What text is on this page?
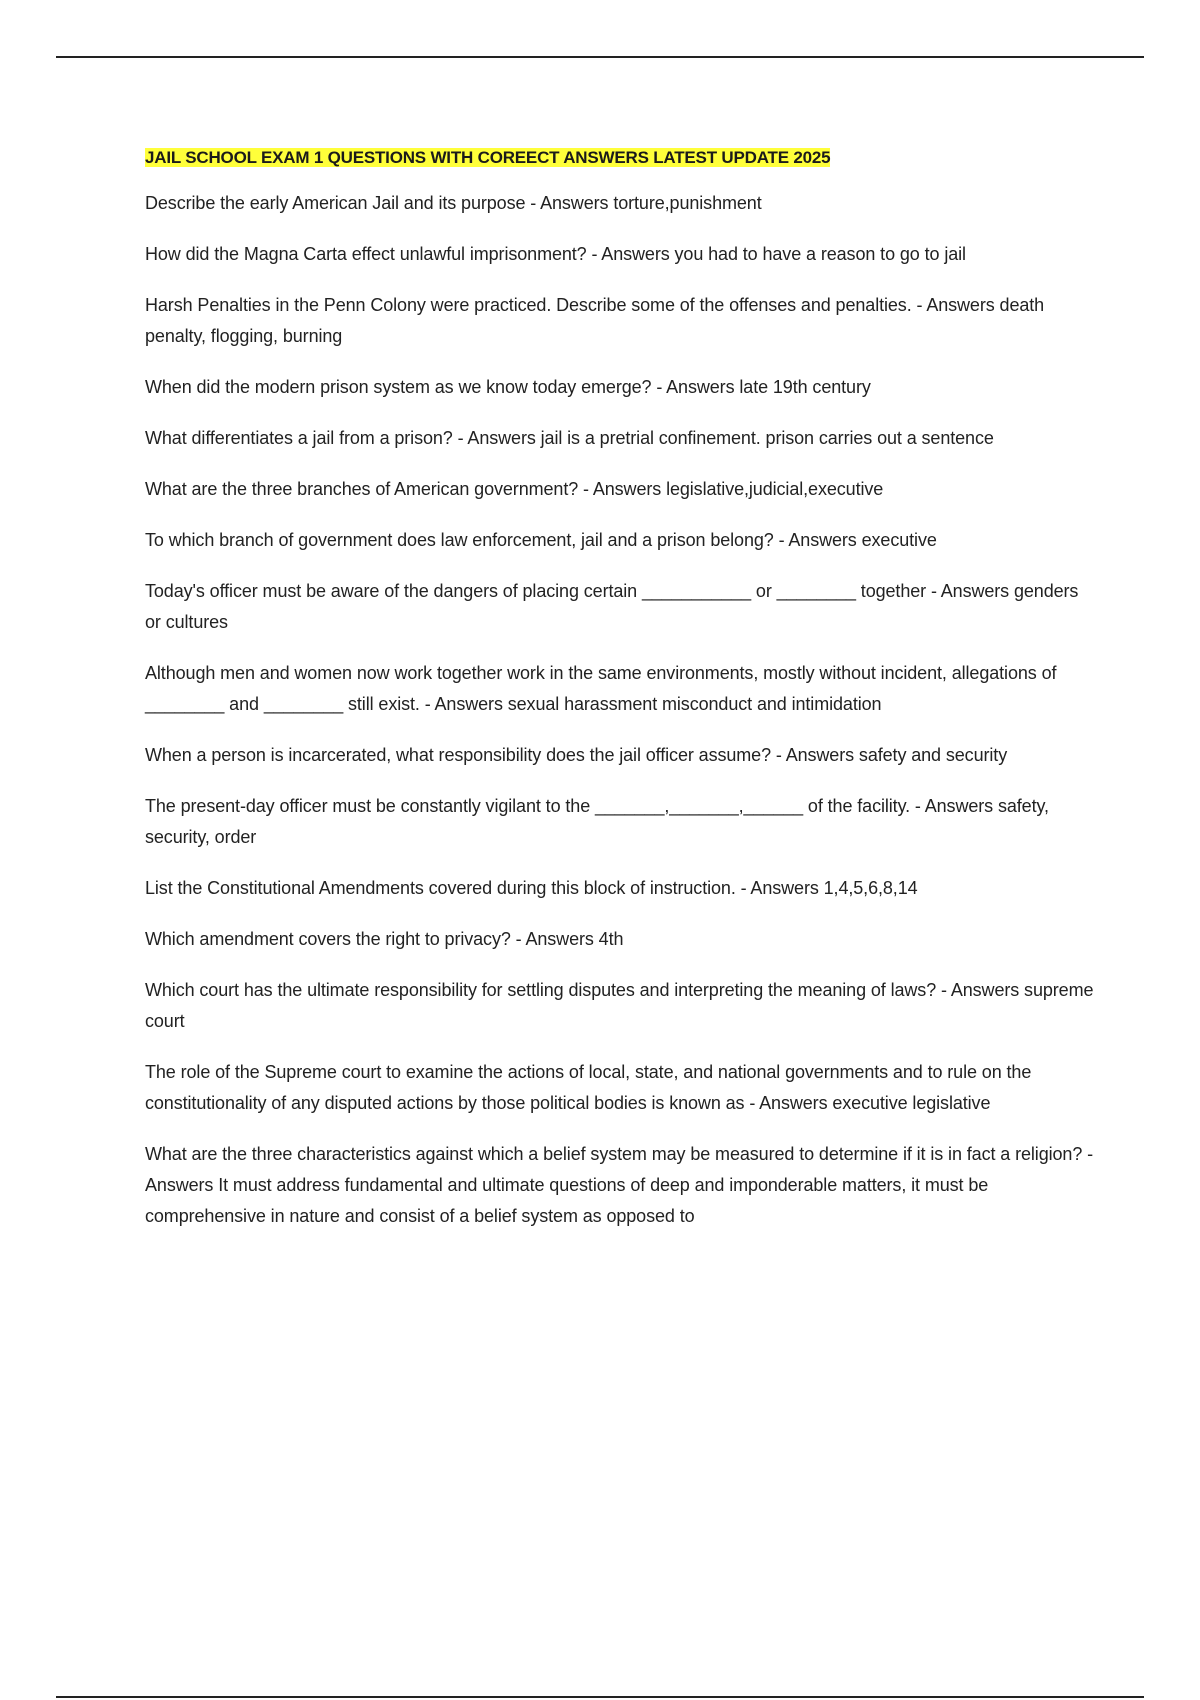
JAIL SCHOOL EXAM 1 QUESTIONS WITH COREECT ANSWERS LATEST UPDATE 2025

Describe the early American Jail and its purpose - Answers torture,punishment

How did the Magna Carta effect unlawful imprisonment? - Answers you had to have a reason to go to jail

Harsh Penalties in the Penn Colony were practiced. Describe some of the offenses and penalties. - Answers death penalty, flogging, burning

When did the modern prison system as we know today emerge? - Answers late 19th century

What differentiates a jail from a prison? - Answers jail is a pretrial confinement. prison carries out a sentence

What are the three branches of American government? - Answers legislative,judicial,executive

To which branch of government does law enforcement, jail and a prison belong? - Answers executive

Today's officer must be aware of the dangers of placing certain ___________ or ________ together - Answers genders or cultures

Although men and women now work together work in the same environments, mostly without incident, allegations of ________ and ________ still exist. - Answers sexual harassment misconduct and intimidation

When a person is incarcerated, what responsibility does the jail officer assume? - Answers safety and security

The present-day officer must be constantly vigilant to the _______,_______,______ of the facility. - Answers safety, security, order

List the Constitutional Amendments covered during this block of instruction. - Answers 1,4,5,6,8,14

Which amendment covers the right to privacy? - Answers 4th

Which court has the ultimate responsibility for settling disputes and interpreting the meaning of laws? - Answers supreme court

The role of the Supreme court to examine the actions of local, state, and national governments and to rule on the constitutionality of any disputed actions by those political bodies is known as - Answers executive legislative

What are the three characteristics against which a belief system may be measured to determine if it is in fact a religion? - Answers It must address fundamental and ultimate questions of deep and imponderable matters, it must be comprehensive in nature and consist of a belief system as opposed to
